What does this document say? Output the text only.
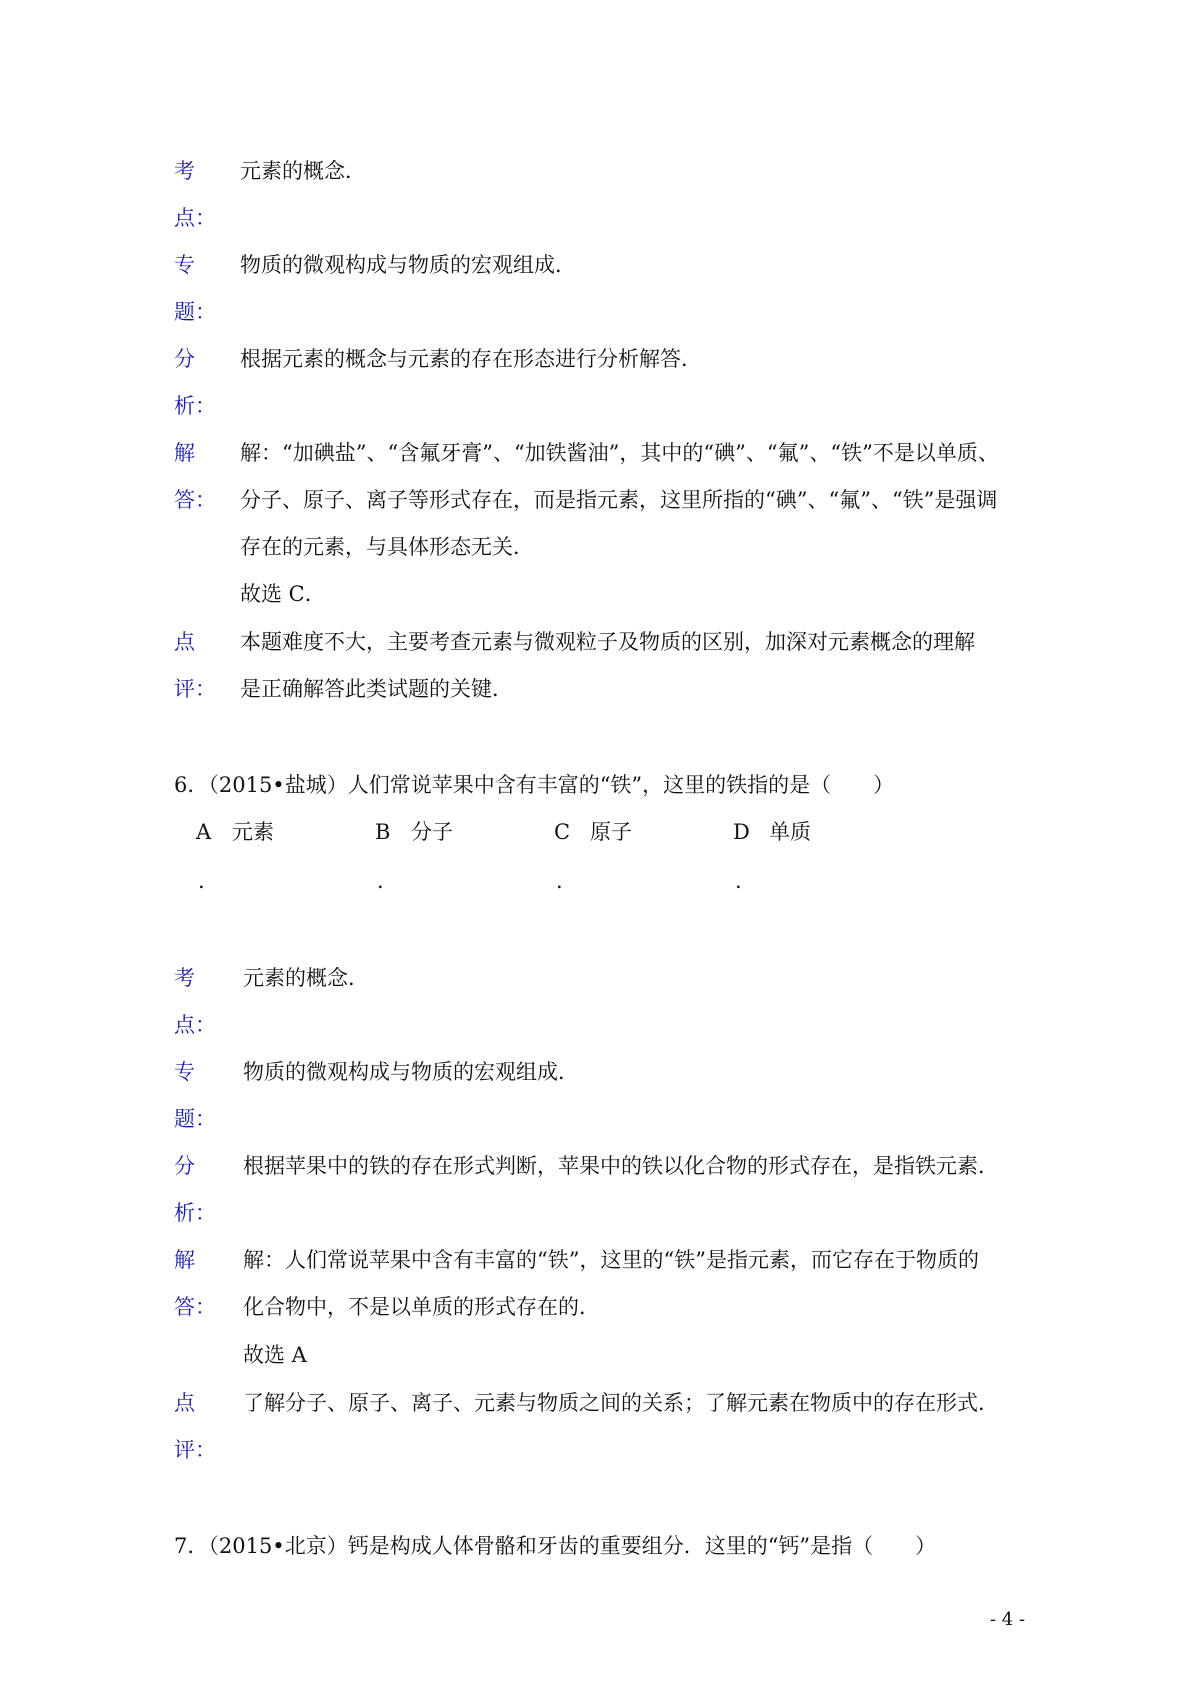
考 元素的概念．
点：
专 物质的微观构成与物质的宏观组成．
题：
分 根据元素的概念与元素的存在形态进行分析解答．
析：
解 解：“加碘盐”、“含氟牙膏”、“加铁酱油”，其中的“碘”、“氟”、“铁”不是以单质、
答： 分子、原子、离子等形式存在，而是指元素，这里所指的“碘”、“氟”、“铁”是强调
存在的元素，与具体形态无关．
故选 C．
点 本题难度不大，主要考查元素与微观粒子及物质的区别，加深对元素概念的理解
评： 是正确解答此类试题的关键．
6．（2015•盐城）人们常说苹果中含有丰富的“铁”，这里的铁指的是（　　）
A 元素
.
B 分子
.
C 原子
.
D 单质
.
考 元素的概念．
点：
专 物质的微观构成与物质的宏观组成．
题：
分 根据苹果中的铁的存在形式判断，苹果中的铁以化合物的形式存在，是指铁元素．
析：
解 解：人们常说苹果中含有丰富的“铁”，这里的“铁”是指元素，而它存在于物质的
答： 化合物中，不是以单质的形式存在的．
故选 A
点 了解分子、原子、离子、元素与物质之间的关系；了解元素在物质中的存在形式．
评：
7．（2015•北京）钙是构成人体骨骼和牙齿的重要组分．这里的“钙”是指（　　）
- 4 -
